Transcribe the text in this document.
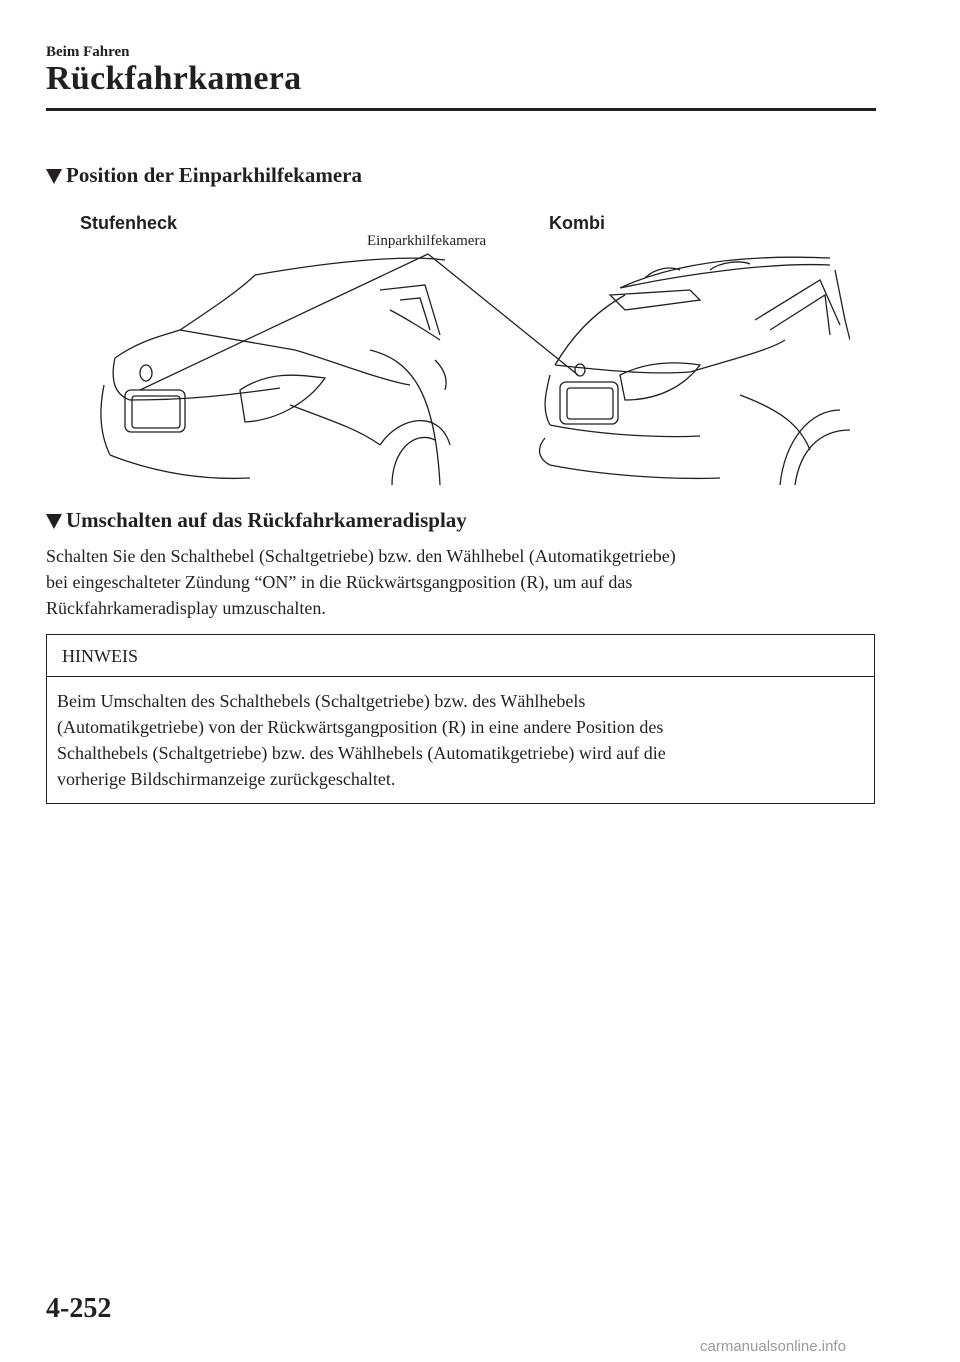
Beim Fahren
Rückfahrkamera
Position der Einparkhilfekamera
Stufenheck	Kombi
Einparkhilfekamera
Umschalten auf das Rückfahrkameradisplay
Schalten Sie den Schalthebel (Schaltgetriebe) bzw. den Wählhebel (Automatikgetriebe)
bei eingeschalteter Zündung “ON” in die Rückwärtsgangposition (R), um auf das
Rückfahrkameradisplay umzuschalten.
HINWEIS
Beim Umschalten des Schalthebels (Schaltgetriebe) bzw. des Wählhebels
(Automatikgetriebe) von der Rückwärtsgangposition (R) in eine andere Position des
Schalthebels (Schaltgetriebe) bzw. des Wählhebels (Automatikgetriebe) wird auf die
vorherige Bildschirmanzeige zurückgeschaltet.
4-252
carmanualsonline.info
